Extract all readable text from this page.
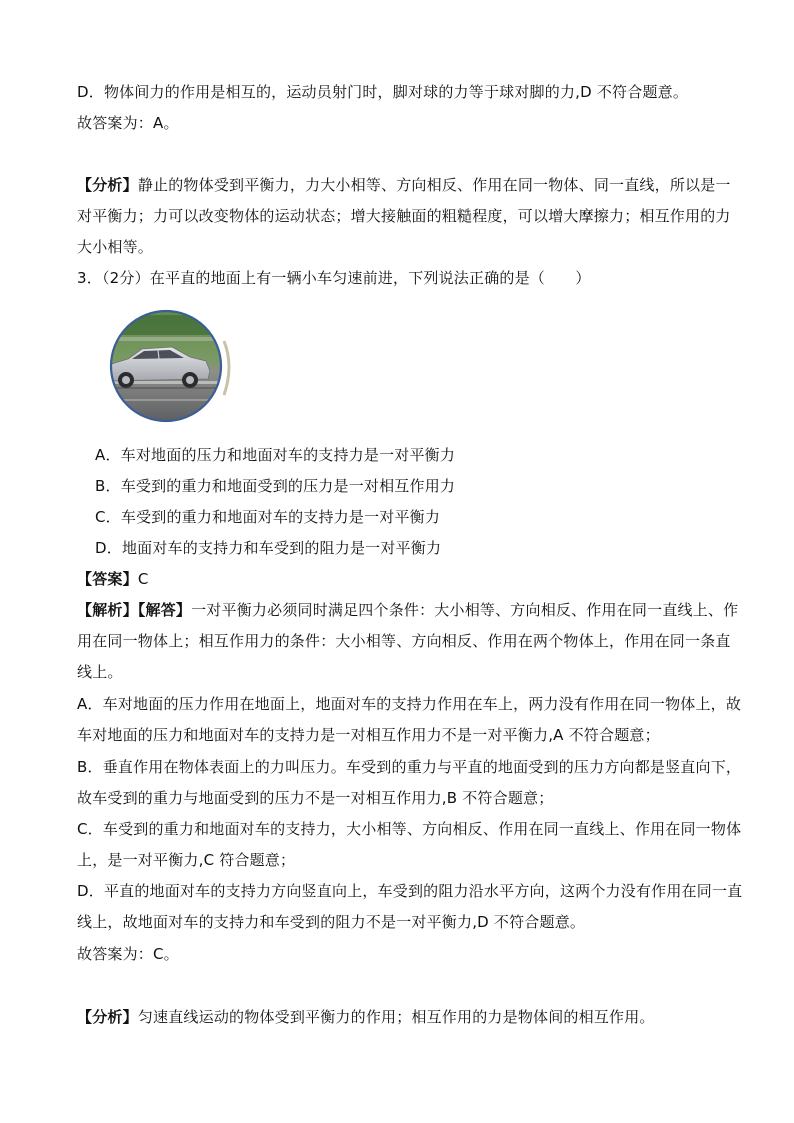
D．物体间力的作用是相互的，运动员射门时，脚对球的力等于球对脚的力,D 不符合题意。
故答案为：A。
【分析】静止的物体受到平衡力，力大小相等、方向相反、作用在同一物体、同一直线，所以是一
对平衡力；力可以改变物体的运动状态；增大接触面的粗糙程度，可以增大摩擦力；相互作用的力
大小相等。
3．（2分）在平直的地面上有一辆小车匀速前进，下列说法正确的是（　　）
A．车对地面的压力和地面对车的支持力是一对平衡力
B．车受到的重力和地面受到的压力是一对相互作用力
C．车受到的重力和地面对车的支持力是一对平衡力
D．地面对车的支持力和车受到的阻力是一对平衡力
【答案】C
【解析】【解答】一对平衡力必须同时满足四个条件：大小相等、方向相反、作用在同一直线上、作
用在同一物体上；相互作用力的条件：大小相等、方向相反、作用在两个物体上，作用在同一条直
线上。
A．车对地面的压力作用在地面上，地面对车的支持力作用在车上，两力没有作用在同一物体上，故
车对地面的压力和地面对车的支持力是一对相互作用力不是一对平衡力,A 不符合题意；
B．垂直作用在物体表面上的力叫压力。车受到的重力与平直的地面受到的压力方向都是竖直向下，
故车受到的重力与地面受到的压力不是一对相互作用力,B 不符合题意；
C．车受到的重力和地面对车的支持力，大小相等、方向相反、作用在同一直线上、作用在同一物体
上，是一对平衡力,C 符合题意；
D．平直的地面对车的支持力方向竖直向上，车受到的阻力沿水平方向，这两个力没有作用在同一直
线上，故地面对车的支持力和车受到的阻力不是一对平衡力,D 不符合题意。
故答案为：C。
【分析】匀速直线运动的物体受到平衡力的作用；相互作用的力是物体间的相互作用。
